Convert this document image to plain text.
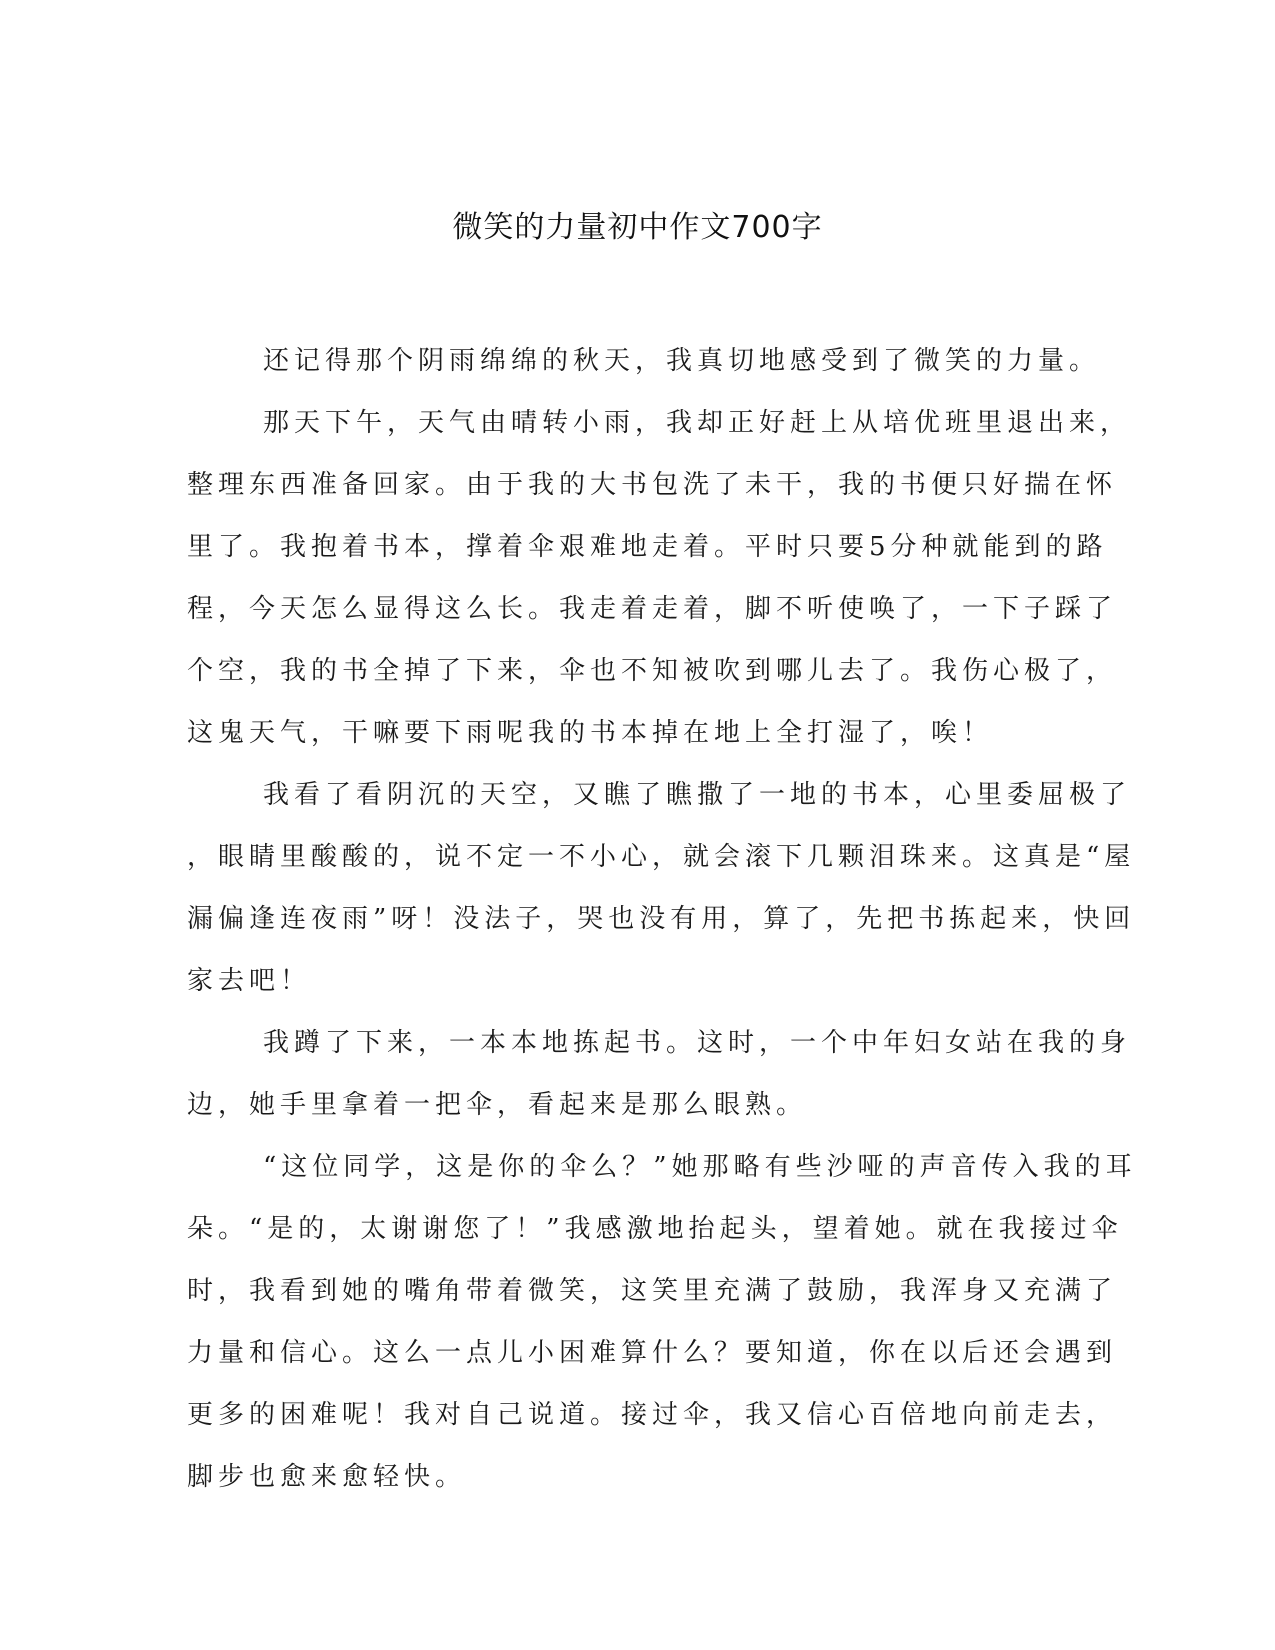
微笑的力量初中作文700字
还记得那个阴雨绵绵的秋天，我真切地感受到了微笑的力量。
那天下午，天气由晴转小雨，我却正好赶上从培优班里退出来，
整理东西准备回家。由于我的大书包洗了未干，我的书便只好揣在怀
里了。我抱着书本，撑着伞艰难地走着。平时只要5分种就能到的路
程，今天怎么显得这么长。我走着走着，脚不听使唤了，一下子踩了
个空，我的书全掉了下来，伞也不知被吹到哪儿去了。我伤心极了，
这鬼天气，干嘛要下雨呢我的书本掉在地上全打湿了，唉！
我看了看阴沉的天空，又瞧了瞧撒了一地的书本，心里委屈极了
，眼睛里酸酸的，说不定一不小心，就会滚下几颗泪珠来。这真是“屋
漏偏逢连夜雨”呀！没法子，哭也没有用，算了，先把书拣起来，快回
家去吧！
我蹲了下来，一本本地拣起书。这时，一个中年妇女站在我的身
边，她手里拿着一把伞，看起来是那么眼熟。
“这位同学，这是你的伞么？”她那略有些沙哑的声音传入我的耳
朵。“是的，太谢谢您了！”我感激地抬起头，望着她。就在我接过伞
时，我看到她的嘴角带着微笑，这笑里充满了鼓励，我浑身又充满了
力量和信心。这么一点儿小困难算什么？要知道，你在以后还会遇到
更多的困难呢！我对自己说道。接过伞，我又信心百倍地向前走去，
脚步也愈来愈轻快。
